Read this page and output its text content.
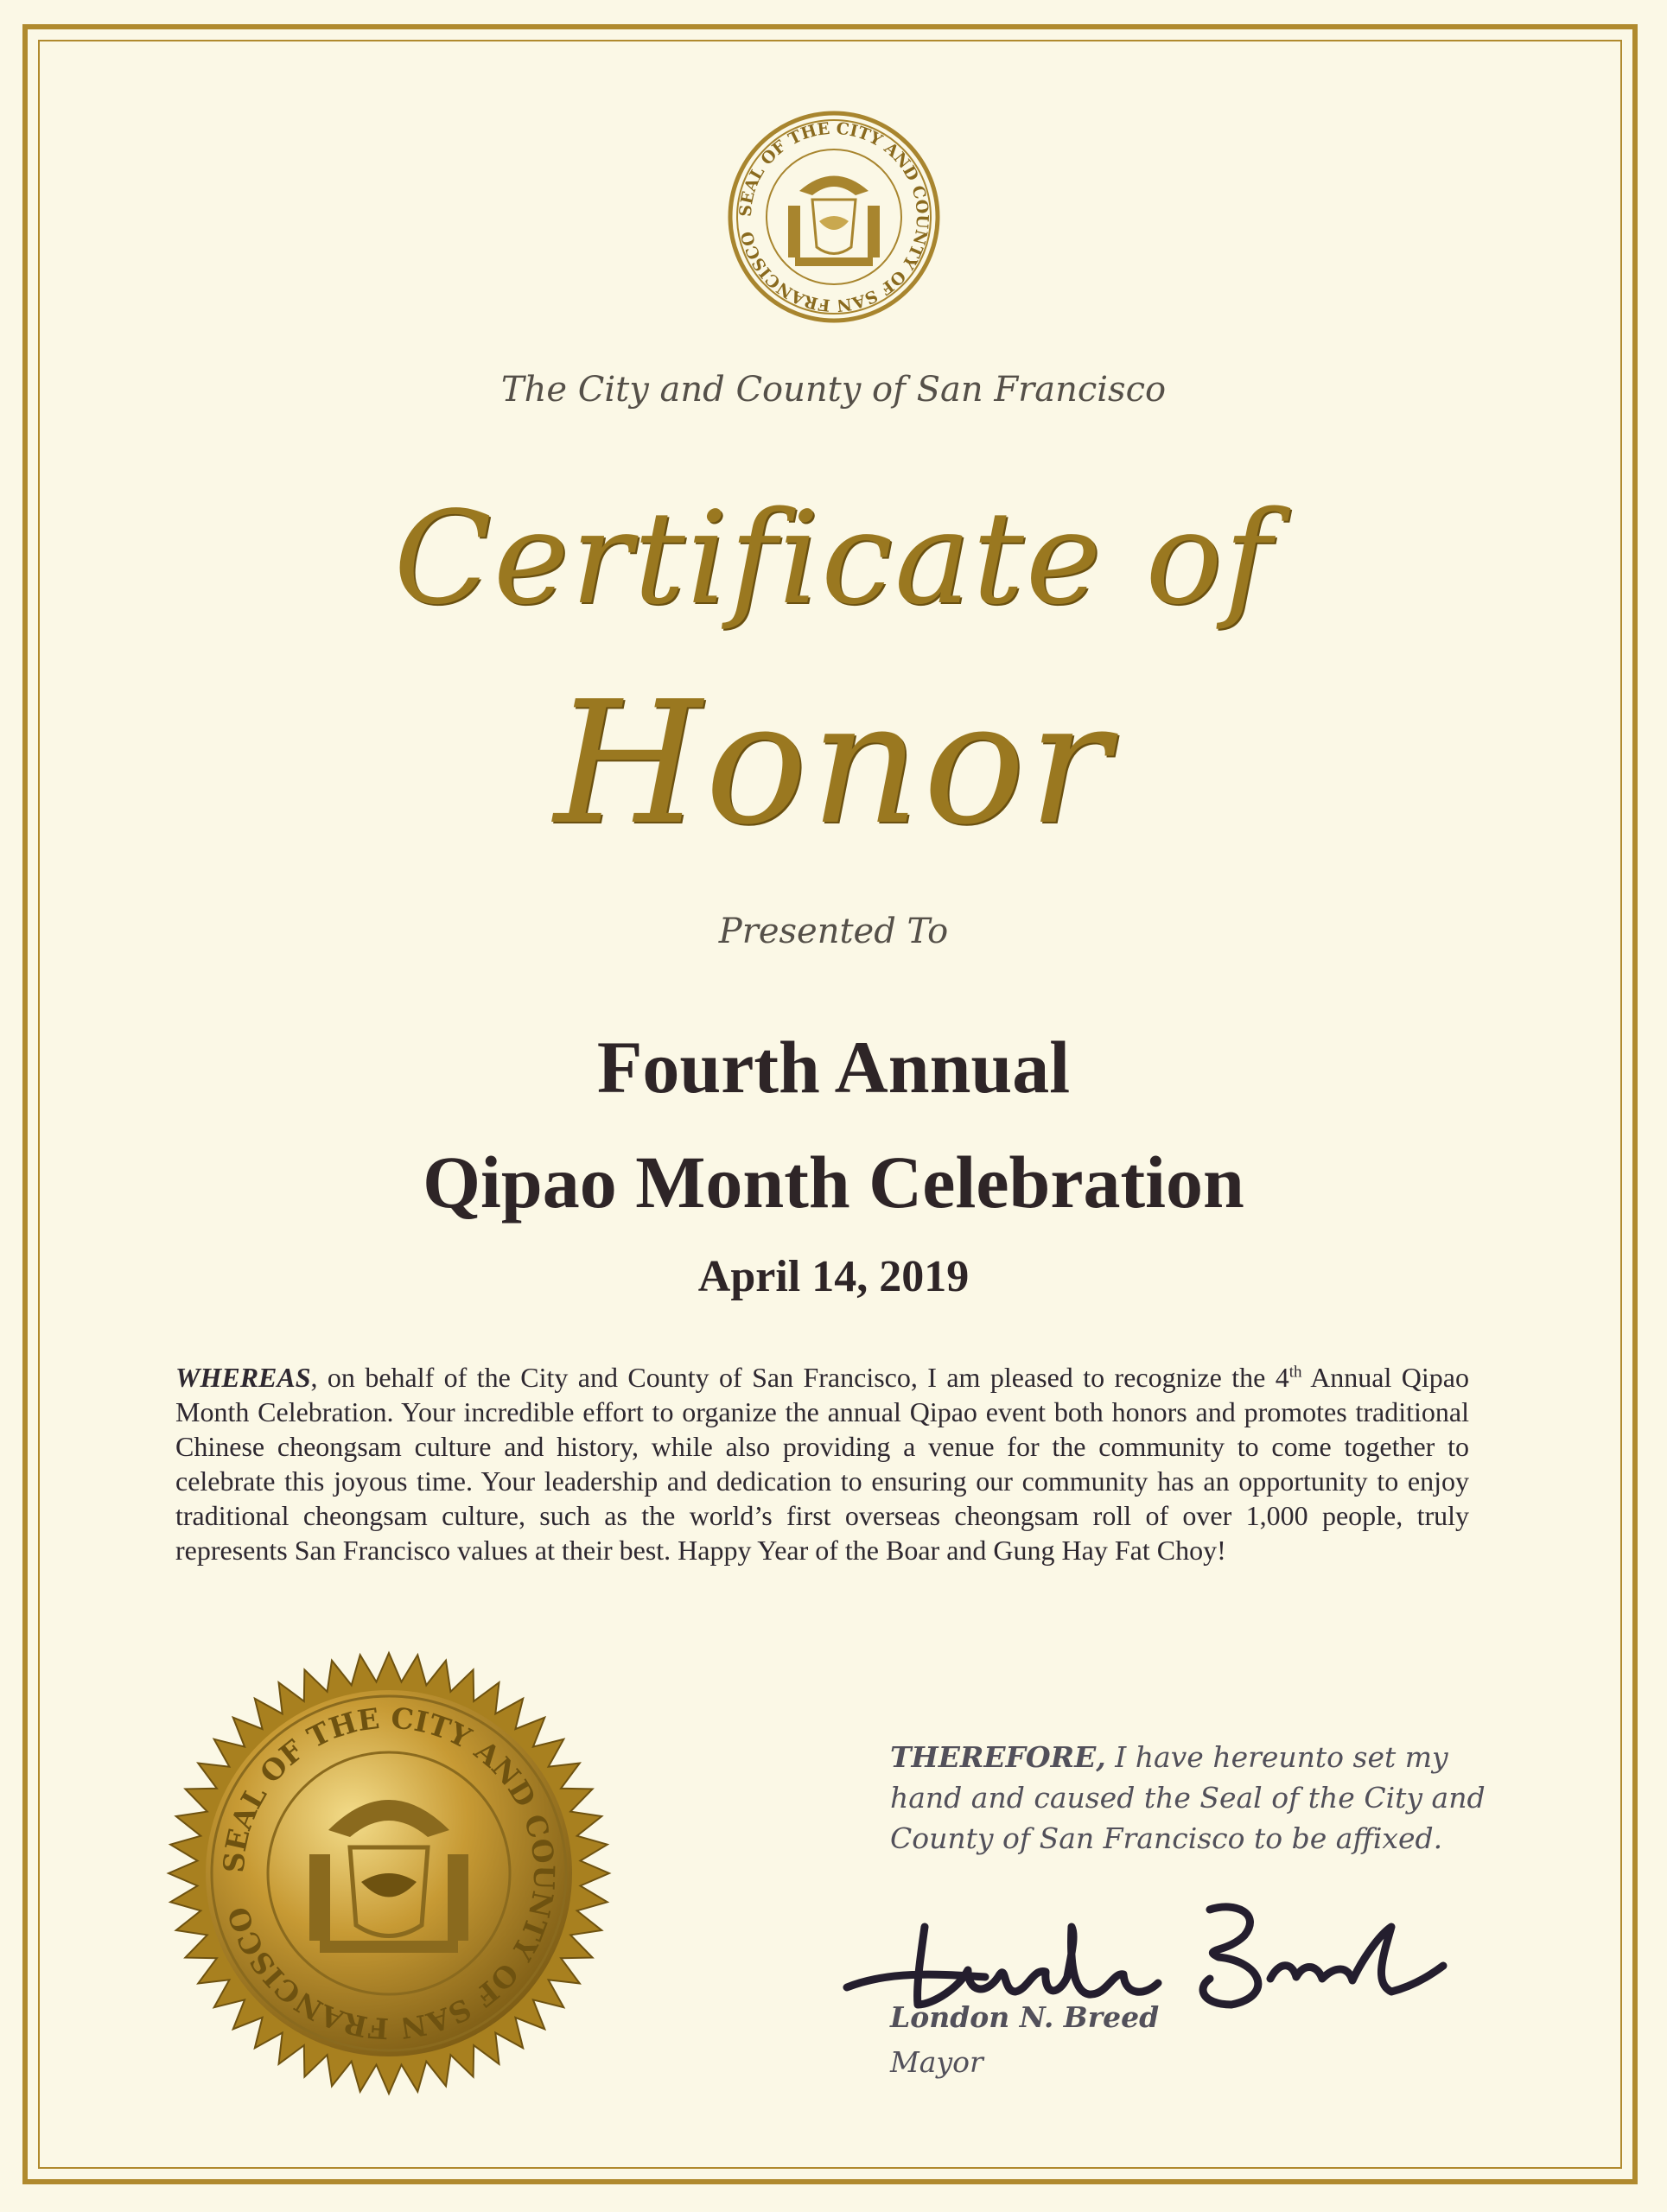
SEAL OF THE CITY AND COUNTY OF SAN FRANCISCO
The City and County of San Francisco
Certificate of
Honor
Presented To
Fourth Annual
Qipao Month Celebration
April 14, 2019
WHEREAS, on behalf of the City and County of San Francisco, I am pleased to recognize the 4th Annual Qipao Month Celebration. Your incredible effort to organize the annual Qipao event both honors and promotes traditional Chinese cheongsam culture and history, while also providing a venue for the community to come together to celebrate this joyous time. Your leadership and dedication to ensuring our community has an opportunity to enjoy traditional cheongsam culture, such as the world’s first overseas cheongsam roll of over 1,000 people, truly represents San Francisco values at their best. Happy Year of the Boar and Gung Hay Fat Choy!
SEAL OF THE CITY AND COUNTY OF SAN FRANCISCO
THEREFORE, I have hereunto set my hand and caused the Seal of the City and County of San Francisco to be affixed.
London N. Breed
Mayor
